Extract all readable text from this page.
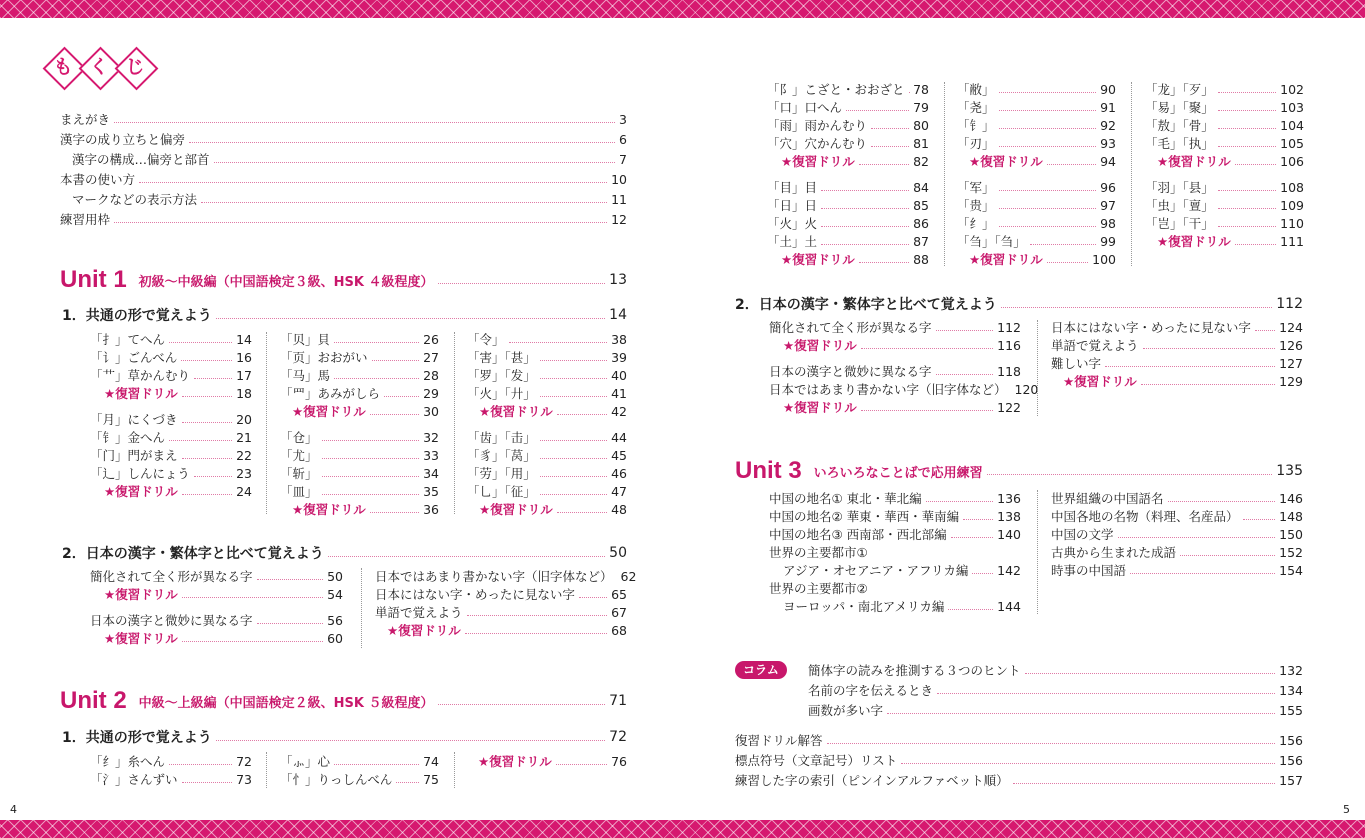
も く じ
まえがき	3
漢字の成り立ちと偏旁	6
漢字の構成…偏旁と部首	7
本書の使い方	10
マークなどの表示方法	11
練習用枠	12
Unit 1 初級～中級編（中国語検定３級、HSK ４級程度）	13
1．共通の形で覚えよう	14
「扌」てへん	14
「讠」ごんべん	16
「艹」草かんむり	17
★復習ドリル	18
「月」にくづき	20
「钅」金へん	21
「门」門がまえ	22
「辶」しんにょう	23
★復習ドリル	24
「贝」貝	26
「页」おおがい	27
「马」馬	28
「罒」あみがしら	29
★復習ドリル	30
「仓」	32
「尤」	33
「斩」	34
「皿」	35
★復習ドリル	36
「令」	38
「害」「甚」	39
「罗」「发」	40
「火」「廾」	41
★復習ドリル	42
「齿」「击」	44
「豸」「莴」	45
「劳」「用」	46
「乚」「征」	47
★復習ドリル	48
2．日本の漢字・繁体字と比べて覚えよう	50
簡化されて全く形が異なる字	50
★復習ドリル	54
日本の漢字と微妙に異なる字	56
★復習ドリル	60
日本ではあまり書かない字（旧字体など） 62
日本にはない字・めったに見ない字	65
単語で覚えよう	67
★復習ドリル	68
Unit 2 中級～上級編（中国語検定２級、HSK ５級程度）	71
1．共通の形で覚えよう	72
「纟」糸へん	72
「氵」さんずい	73
「⺗」心	74
「忄」りっしんべん 75
★復習ドリル	76
「阝」こざと・おおざと 78
「口」口へん	79
「雨」雨かんむり	80
「穴」穴かんむり	81
★復習ドリル	82
「目」目	84
「日」日	85
「火」火	86
「土」土	87
★復習ドリル	88
「敝」	90
「尧」	91
「钅」	92
「刃」	93
★復習ドリル	94
「军」	96
「贵」	97
「纟」	98
「刍」「刍」	99
★復習ドリル	100
「龙」「歹」	102
「易」「聚」	103
「敖」「骨」	104
「毛」「执」	105
★復習ドリル	106
「羽」「县」	108
「虫」「亶」	109
「岂」「干」	110
★復習ドリル	111
2．日本の漢字・繁体字と比べて覚えよう	112
簡化されて全く形が異なる字	112
★復習ドリル	116
日本の漢字と微妙に異なる字	118
日本ではあまり書かない字（旧字体など） 120
★復習ドリル	122
日本にはない字・めったに見ない字 124
単語で覚えよう	126
難しい字	127
★復習ドリル	129
Unit 3 いろいろなことばで応用練習	135
中国の地名① 東北・華北編	136
中国の地名② 華東・華西・華南編	138
中国の地名③ 西南部・西北部編	140
世界の主要都市①
アジア・オセアニア・アフリカ編 142
世界の主要都市②
ヨーロッパ・南北アメリカ編	144
世界組織の中国語名	146
中国各地の名物（料理、名産品）	148
中国の文学	150
古典から生まれた成語	152
時事の中国語	154
簡体字の読みを推測する３つのヒント	132
名前の字を伝えるとき	134
画数が多い字	155
復習ドリル解答	156
標点符号（文章記号）リスト	156
練習した字の索引（ピンインアルファベット順）	157
コラム
4	5
